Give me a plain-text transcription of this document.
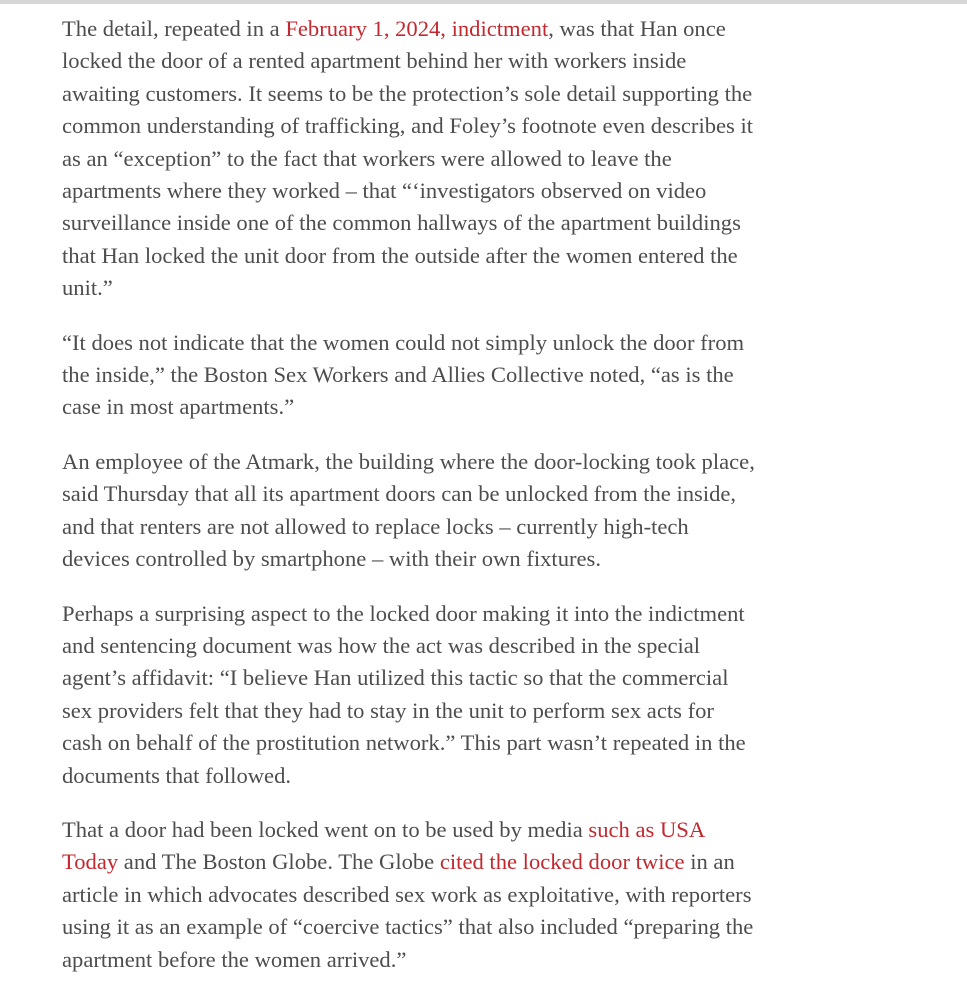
The detail, repeated in a February 1, 2024, indictment, was that Han once
locked the door of a rented apartment behind her with workers inside
awaiting customers. It seems to be the protection’s sole detail supporting the
common understanding of trafficking, and Foley’s footnote even describes it
as an “exception” to the fact that workers were allowed to leave the
apartments where they worked – that “‘investigators observed on video
surveillance inside one of the common hallways of the apartment buildings
that Han locked the unit door from the outside after the women entered the
unit.”

“It does not indicate that the women could not simply unlock the door from
the inside,” the Boston Sex Workers and Allies Collective noted, “as is the
case in most apartments.”

An employee of the Atmark, the building where the door-locking took place,
said Thursday that all its apartment doors can be unlocked from the inside,
and that renters are not allowed to replace locks – currently high-tech
devices controlled by smartphone – with their own fixtures.

Perhaps a surprising aspect to the locked door making it into the indictment
and sentencing document was how the act was described in the special
agent’s affidavit: “I believe Han utilized this tactic so that the commercial
sex providers felt that they had to stay in the unit to perform sex acts for
cash on behalf of the prostitution network.” This part wasn’t repeated in the
documents that followed.

That a door had been locked went on to be used by media such as USA
Today and The Boston Globe. The Globe cited the locked door twice in an
article in which advocates described sex work as exploitative, with reporters
using it as an example of “coercive tactics” that also included “preparing the
apartment before the women arrived.”
